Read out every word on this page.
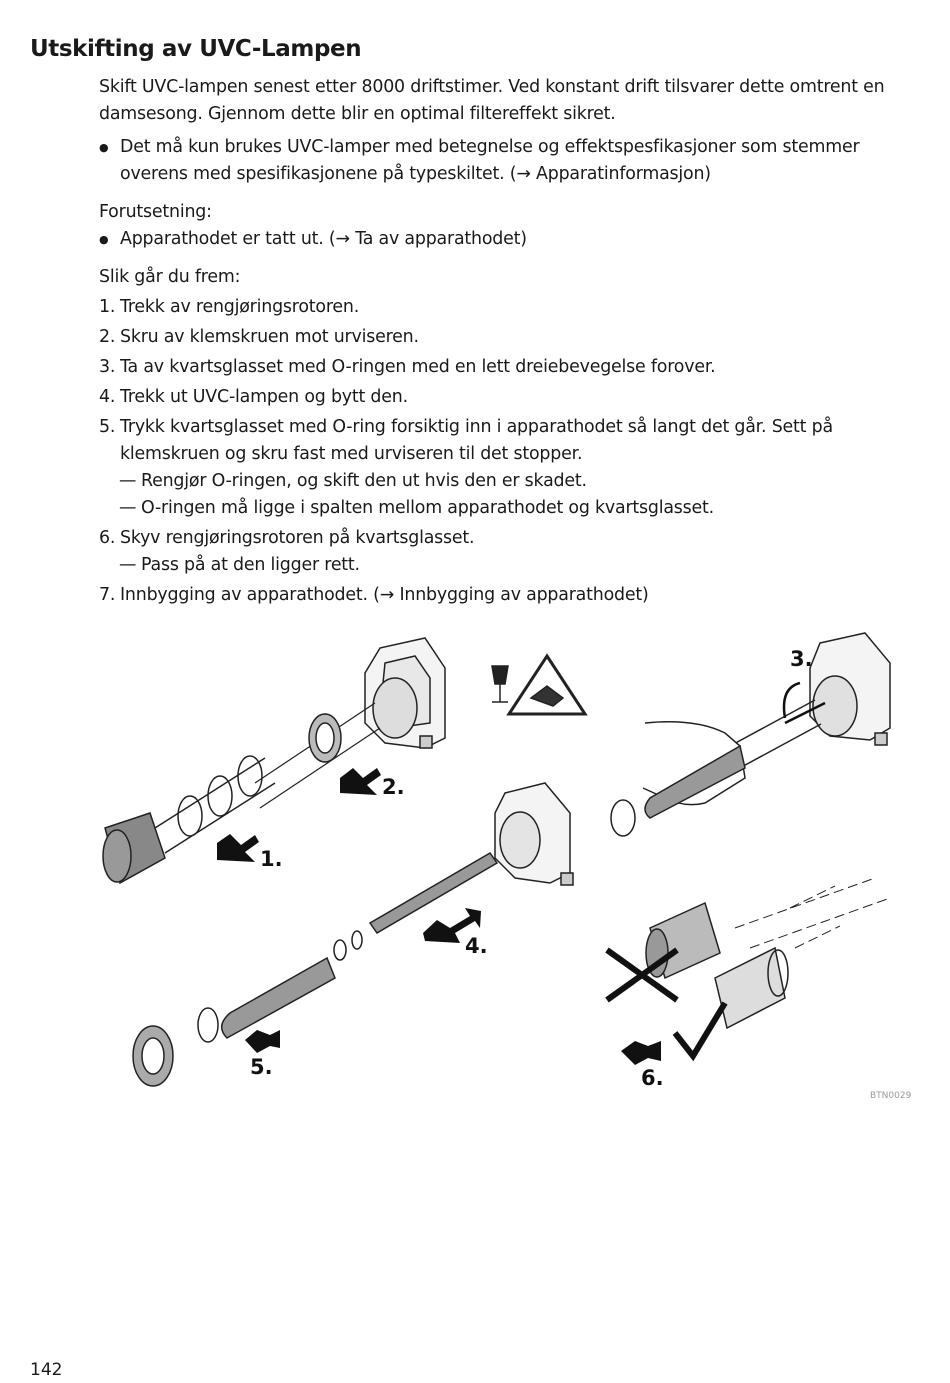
Utskifting av UVC-Lampen

Skift UVC-lampen senest etter 8000 driftstimer. Ved konstant drift tilsvarer dette omtrent en damsesong. Gjennom dette blir en optimal filtereffekt sikret.

● Det må kun brukes UVC-lamper med betegnelse og effektspesfikasjoner som stemmer overens med spesifikasjonene på typeskiltet. (→ Apparatinformasjon)

Forutsetning:

● Apparathodet er tatt ut. (→ Ta av apparathodet)

Slik går du frem:

1. Trekk av rengjøringsrotoren.
2. Skru av klemskruen mot urviseren.
3. Ta av kvartsglasset med O-ringen med en lett dreiebevegelse forover.
4. Trekk ut UVC-lampen og bytt den.
5. Trykk kvartsglasset med O-ring forsiktig inn i apparathodet så langt det går. Sett på klemskruen og skru fast med urviseren til det stopper.
— Rengjør O-ringen, og skift den ut hvis den er skadet.
— O-ringen må ligge i spalten mellom apparathodet og kvartsglasset.
6. Skyv rengjøringsrotoren på kvartsglasset.
— Pass på at den ligger rett.
7. Innbygging av apparathodet. (→ Innbygging av apparathodet)
1.
2.
3.
4.
5.	6.
BTN0029
142
